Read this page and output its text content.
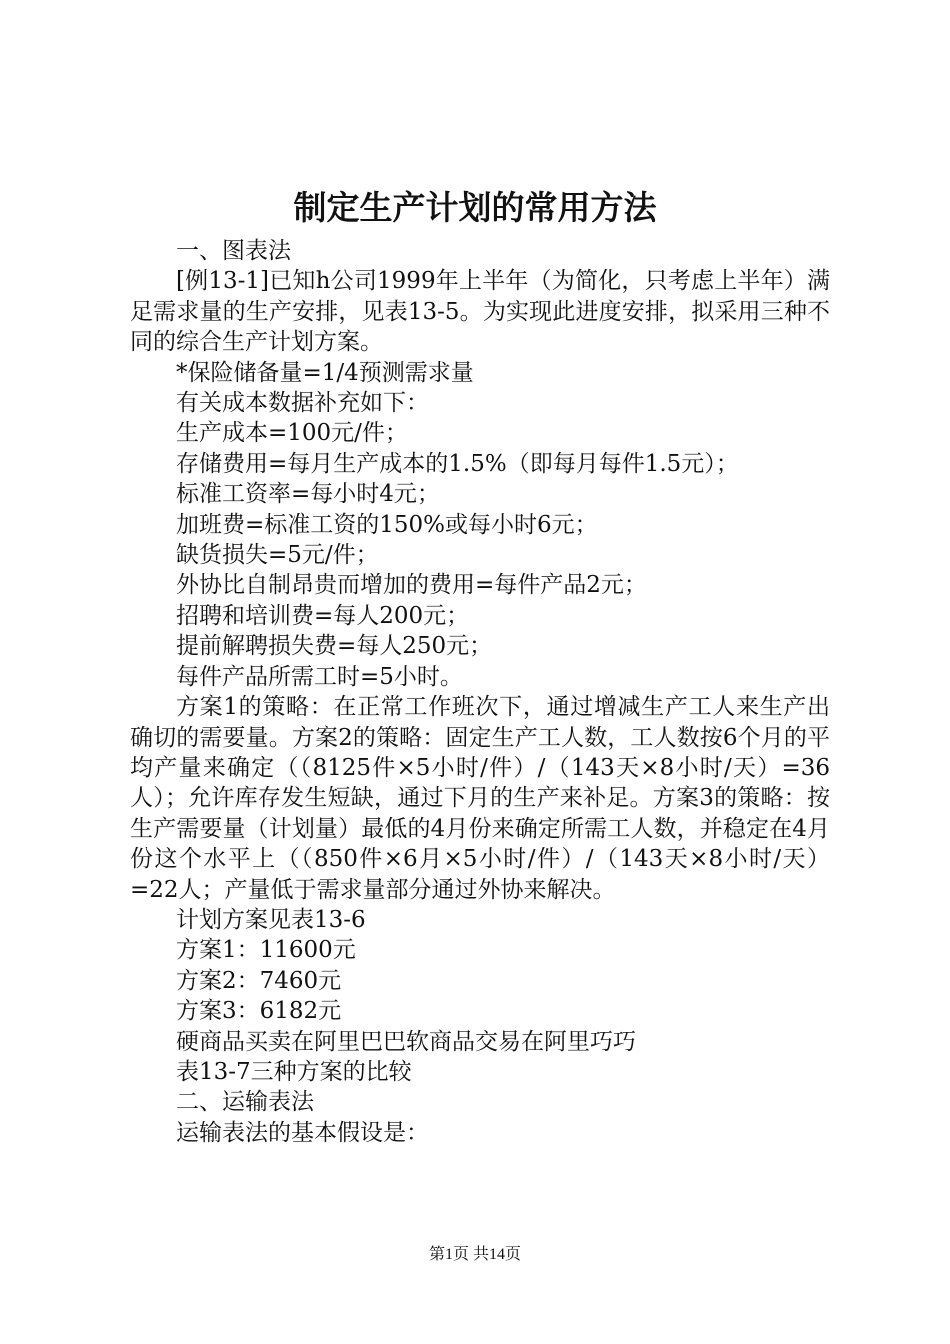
制定生产计划的常用方法

一、图表法

[例13-1]已知h公司1999年上半年（为简化，只考虑上半年）满足需求量的生产安排，见表13-5。为实现此进度安排，拟采用三种不同的综合生产计划方案。

*保险储备量=1/4预测需求量

有关成本数据补充如下：

生产成本=100元/件；

存储费用=每月生产成本的1.5%（即每月每件1.5元）；

标准工资率=每小时4元；

加班费=标准工资的150%或每小时6元；

缺货损失=5元/件；

外协比自制昂贵而增加的费用=每件产品2元；

招聘和培训费=每人200元；

提前解聘损失费=每人250元；

每件产品所需工时=5小时。

方案1的策略：在正常工作班次下，通过增减生产工人来生产出确切的需要量。方案2的策略：固定生产工人数，工人数按6个月的平均产量来确定（（8125件×5小时/件）/（143天×8小时/天）=36人）；允许库存发生短缺，通过下月的生产来补足。方案3的策略：按生产需要量（计划量）最低的4月份来确定所需工人数，并稳定在4月份这个水平上（（850件×6月×5小时/件）/（143天×8小时/天）=22人；产量低于需求量部分通过外协来解决。

计划方案见表13-6

方案1：11600元

方案2：7460元

方案3：6182元

硬商品买卖在阿里巴巴软商品交易在阿里巧巧

表13-7三种方案的比较

二、运输表法

运输表法的基本假设是：

第1页 共14页
